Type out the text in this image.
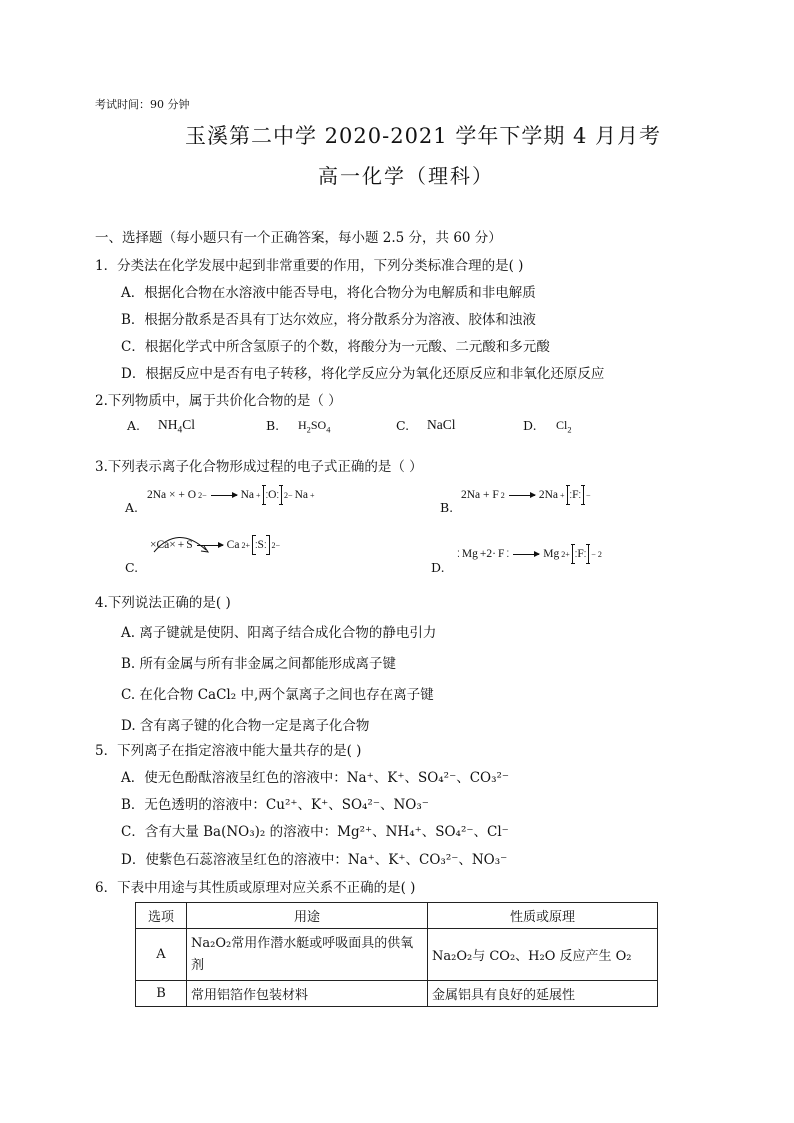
考试时间：90 分钟
玉溪第二中学 2020-2021 学年下学期 4 月月考
高一化学（理科）
一、选择题（每小题只有一个正确答案，每小题 2.5 分，共 60 分）
1．分类法在化学发展中起到非常重要的作用，下列分类标准合理的是( )
A．根据化合物在水溶液中能否导电，将化合物分为电解质和非电解质
B．根据分散系是否具有丁达尔效应，将分散系分为溶液、胶体和浊液
C．根据化学式中所含氢原子的个数，将酸分为一元酸、二元酸和多元酸
D．根据反应中是否有电子转移，将化学反应分为氧化还原反应和非氧化还原反应
2.下列物质中，属于共价化合物的是（ ）
A. $NH_4Cl$	B. $H_2SO_4$	C. NaCl	D. $Cl_2$
3.下列表示离子化合物形成过程的电子式正确的是（ ）
A.
2Na × + O 2− → Na + ⁚ O ⁚ 2− Na +
B.
2Na + F 2 → 2Na + ⁚ F ⁚ −
C.
×Ca× + S → Ca 2+ ⁚ S ⁚ 2−
D.
⁚ Mg +2· F ⁚ → Mg 2+ ⁚ F ⁚ − 2
4.下列说法正确的是( )
A. 离子键就是使阴、阳离子结合成化合物的静电引力
B. 所有金属与所有非金属之间都能形成离子键
C. 在化合物 CaCl₂ 中,两个氯离子之间也存在离子键
D. 含有离子键的化合物一定是离子化合物
5．下列离子在指定溶液中能大量共存的是( )
A．使无色酚酞溶液呈红色的溶液中：Na⁺、K⁺、SO₄²⁻、CO₃²⁻
B．无色透明的溶液中：Cu²⁺、K⁺、SO₄²⁻、NO₃⁻
C．含有大量 Ba(NO₃)₂ 的溶液中：Mg²⁺、NH₄⁺、SO₄²⁻、Cl⁻
D．使紫色石蕊溶液呈红色的溶液中：Na⁺、K⁺、CO₃²⁻、NO₃⁻
6．下表中用途与其性质或原理对应关系不正确的是( )
选项	用途	性质或原理
A	Na₂O₂常用作潜水艇或呼吸面具的供氧剂	Na₂O₂与 CO₂、H₂O 反应产生 O₂
B	常用铝箔作包装材料	金属铝具有良好的延展性
